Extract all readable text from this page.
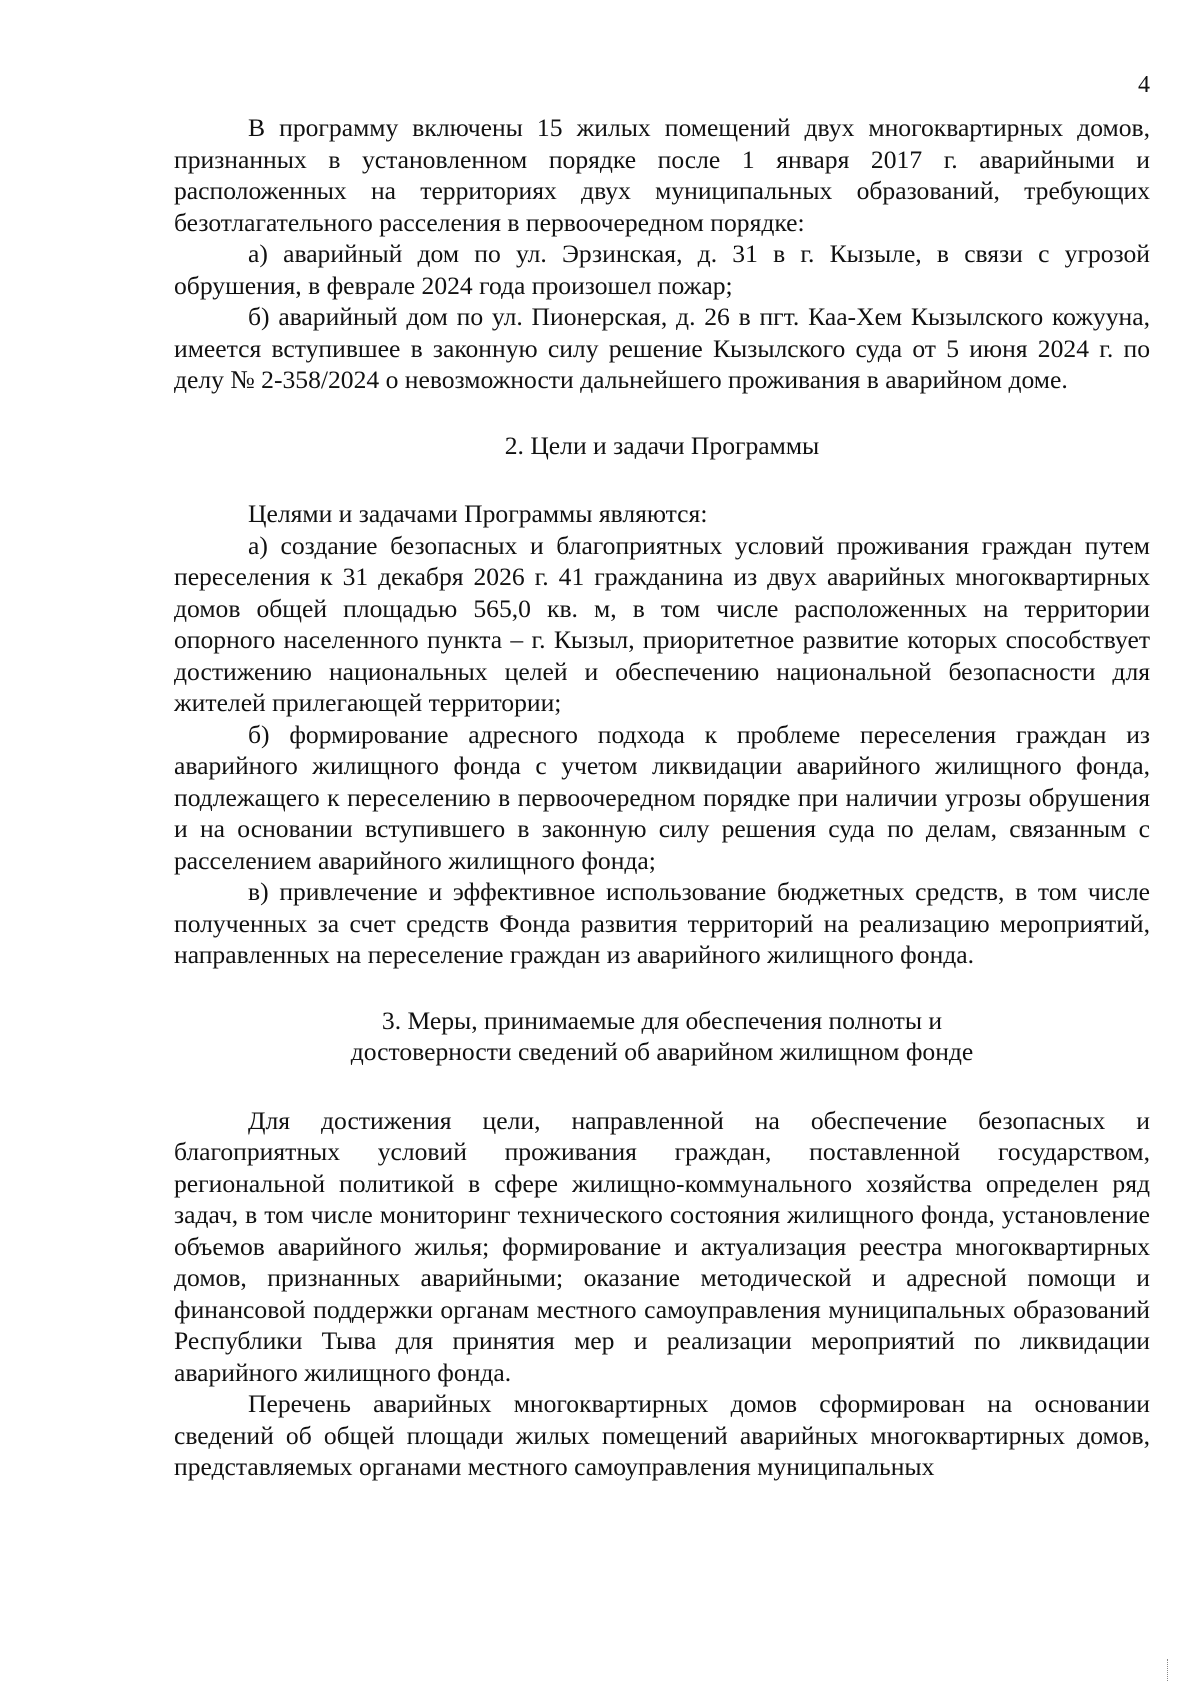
4

В программу включены 15 жилых помещений двух многоквартирных домов, признанных в установленном порядке после 1 января 2017 г. аварийными и расположенных на территориях двух муниципальных образований, требующих безотлагательного расселения в первоочередном порядке:

а) аварийный дом по ул. Эрзинская, д. 31 в г. Кызыле, в связи с угрозой обрушения, в феврале 2024 года произошел пожар;

б) аварийный дом по ул. Пионерская, д. 26 в пгт. Каа-Хем Кызылского кожууна, имеется вступившее в законную силу решение Кызылского суда от 5 июня 2024 г. по делу № 2-358/2024 о невозможности дальнейшего проживания в аварийном доме.

2. Цели и задачи Программы

Целями и задачами Программы являются:

а) создание безопасных и благоприятных условий проживания граждан путем переселения к 31 декабря 2026 г. 41 гражданина из двух аварийных многоквартирных домов общей площадью 565,0 кв. м, в том числе расположенных на территории опорного населенного пункта – г. Кызыл, приоритетное развитие которых способствует достижению национальных целей и обеспечению национальной безопасности для жителей прилегающей территории;

б) формирование адресного подхода к проблеме переселения граждан из аварийного жилищного фонда с учетом ликвидации аварийного жилищного фонда, подлежащего к переселению в первоочередном порядке при наличии угрозы обрушения и на основании вступившего в законную силу решения суда по делам, связанным с расселением аварийного жилищного фонда;

в) привлечение и эффективное использование бюджетных средств, в том числе полученных за счет средств Фонда развития территорий на реализацию мероприятий, направленных на переселение граждан из аварийного жилищного фонда.

3. Меры, принимаемые для обеспечения полноты и
достоверности сведений об аварийном жилищном фонде

Для достижения цели, направленной на обеспечение безопасных и благоприятных условий проживания граждан, поставленной государством, региональной политикой в сфере жилищно-коммунального хозяйства определен ряд задач, в том числе мониторинг технического состояния жилищного фонда, установление объемов аварийного жилья; формирование и актуализация реестра многоквартирных домов, признанных аварийными; оказание методической и адресной помощи и финансовой поддержки органам местного самоуправления муниципальных образований Республики Тыва для принятия мер и реализации мероприятий по ликвидации аварийного жилищного фонда.

Перечень аварийных многоквартирных домов сформирован на основании сведений об общей площади жилых помещений аварийных многоквартирных домов, представляемых органами местного самоуправления муниципальных
